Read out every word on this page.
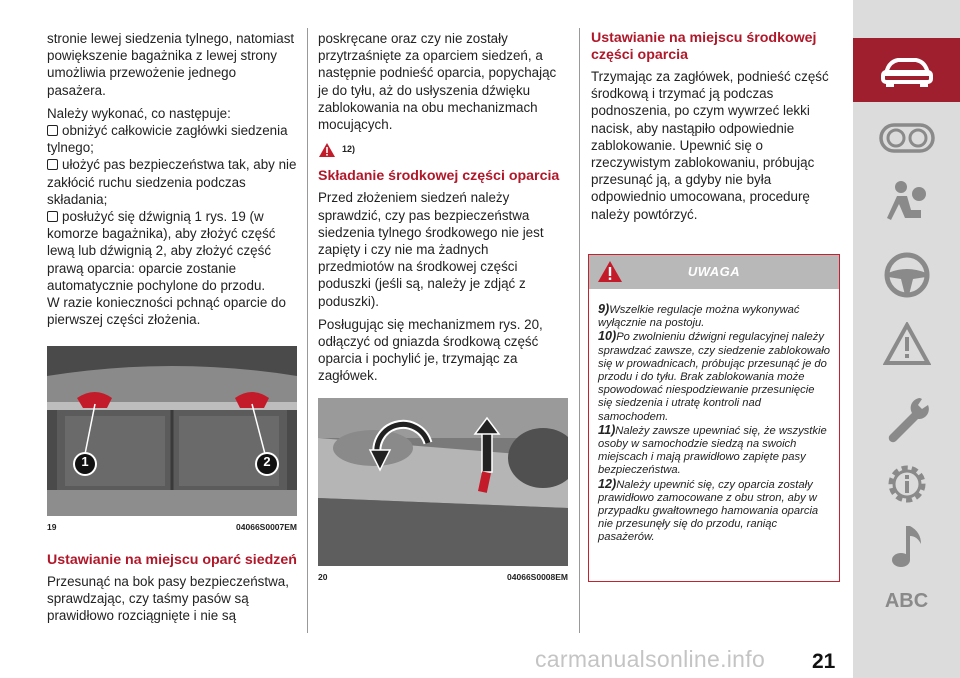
stronie lewej siedzenia tylnego, natomiast powiększenie bagażnika z lewej strony umożliwia przewożenie jednego pasażera.

Należy wykonać, co następuje:

obniżyć całkowicie zagłówki siedzenia tylnego;
ułożyć pas bezpieczeństwa tak, aby nie zakłócić ruchu siedzenia podczas składania;
posłużyć się dźwignią 1 rys. 19 (w komorze bagażnika), aby złożyć część lewą lub dźwignią 2, aby złożyć część prawą oparcia: oparcie zostanie automatycznie pochylone do przodu.

W razie konieczności pchnąć oparcie do pierwszej części złożenia.

1	2
19	04066S0007EM
Ustawianie na miejscu oparć siedzeń

Przesunąć na bok pasy bezpieczeństwa, sprawdzając, czy taśmy pasów są prawidłowo rozciągnięte i nie są

poskręcane oraz czy nie zostały przytrzaśnięte za oparciem siedzeń, a następnie podnieść oparcia, popychając je do tyłu, aż do usłyszenia dźwięku zablokowania na obu mechanizmach mocujących.

12)
Składanie środkowej części oparcia

Przed złożeniem siedzeń należy sprawdzić, czy pas bezpieczeństwa siedzenia tylnego środkowego nie jest zapięty i czy nie ma żadnych przedmiotów na środkowej części poduszki (jeśli są, należy je zdjąć z poduszki).

Posługując się mechanizmem rys. 20, odłączyć od gniazda środkową część oparcia i pochylić je, trzymając za zagłówek.

20	04066S0008EM
Ustawianie na miejscu środkowej części oparcia

Trzymając za zagłówek, podnieść część środkową i trzymać ją podczas podnoszenia, po czym wywrzeć lekki nacisk, aby nastąpiło odpowiednie zablokowanie. Upewnić się o rzeczywistym zablokowaniu, próbując przesunąć ją, a gdyby nie była odpowiednio umocowana, procedurę należy powtórzyć.

UWAGA
9)Wszelkie regulacje można wykonywać wyłącznie na postoju.
10)Po zwolnieniu dźwigni regulacyjnej należy sprawdzać zawsze, czy siedzenie zablokowało się w prowadnicach, próbując przesunąć je do przodu i do tyłu. Brak zablokowania może spowodować niespodziewanie przesunięcie się siedzenia i utratę kontroli nad samochodem.
11)Należy zawsze upewniać się, że wszystkie osoby w samochodzie siedzą na swoich miejscach i mają prawidłowo zapięte pasy bezpieczeństwa.
12)Należy upewnić się, czy oparcia zostały prawidłowo zamocowane z obu stron, aby w przypadku gwałtownego hamowania oparcia nie przesunęły się do przodu, raniąc pasażerów.
ABC
carmanualsonline.info 21
